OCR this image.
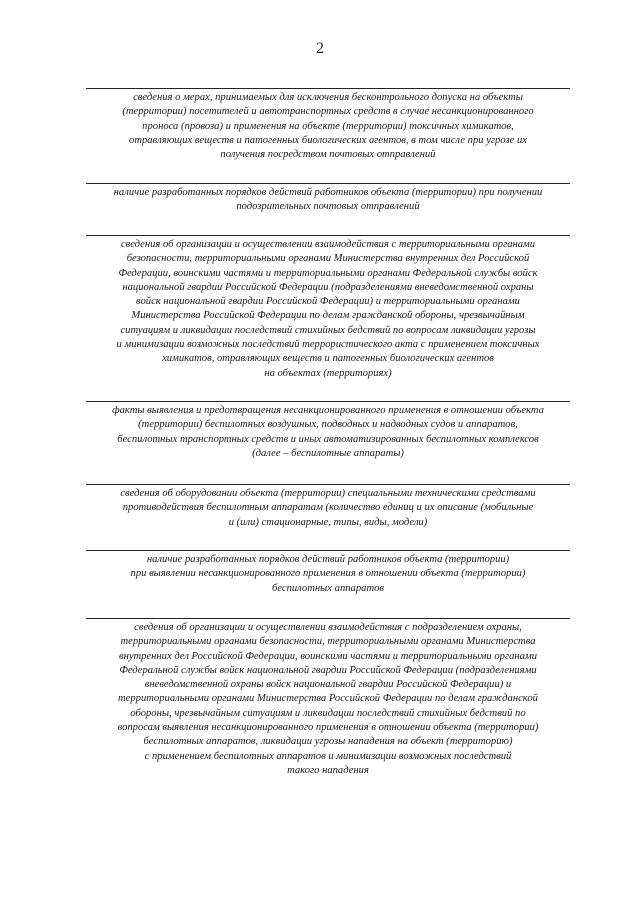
2
сведения о мерах, принимаемых для исключения бесконтрольного допуска на объекты
(территории) посетителей и автотранспортных средств в случае несанкционированного
проноса (провоза) и применения на объекте (территории) токсичных химикатов,
отравляющих веществ и патогенных биологических агентов, в том числе при угрозе их
получения посредством почтовых отправлений
наличие разработанных порядков действий работников объекта (территории) при получении
подозрительных почтовых отправлений
сведения об организации и осуществлении взаимодействия с территориальными органами
безопасности, территориальными органами Министерства внутренних дел Российской
Федерации, воинскими частями и территориальными органами Федеральной службы войск
национальной гвардии Российской Федерации (подразделениями вневедомственной охраны
войск национальной гвардии Российской Федерации) и территориальными органами
Министерства Российской Федерации по делам гражданской обороны, чрезвычайным
ситуациям и ликвидации последствий стихийных бедствий по вопросам ликвидации угрозы
и минимизации возможных последствий террористического акта с применением токсичных
химикатов, отравляющих веществ и патогенных биологических агентов
на объектах (территориях)
факты выявления и предотвращения несанкционированного применения в отношении объекта
(территории) беспилотных воздушных, подводных и надводных судов и аппаратов,
беспилотных транспортных средств и иных автоматизированных беспилотных комплексов
(далее – беспилотные аппараты)
сведения об оборудовании объекта (территории) специальными техническими средствами
противодействия беспилотным аппаратам (количество единиц и их описание (мобильные
и (или) стационарные, типы, виды, модели)
наличие разработанных порядков действий работников объекта (территории)
при выявлении несанкционированного применения в отношении объекта (территории)
беспилотных аппаратов
сведения об организации и осуществлении взаимодействия с подразделением охраны,
территориальными органами безопасности, территориальными органами Министерства
внутренних дел Российской Федерации, воинскими частями и территориальными органами
Федеральной службы войск национальной гвардии Российской Федерации (подразделениями
вневедомственной охраны войск национальной гвардии Российской Федерации) и
территориальными органами Министерства Российской Федерации по делам гражданской
обороны, чрезвычайным ситуациям и ликвидации последствий стихийных бедствий по
вопросам выявления несанкционированного применения в отношении объекта (территории)
беспилотных аппаратов, ликвидации угрозы нападения на объект (территорию)
с применением беспилотных аппаратов и минимизации возможных последствий
такого нападения
